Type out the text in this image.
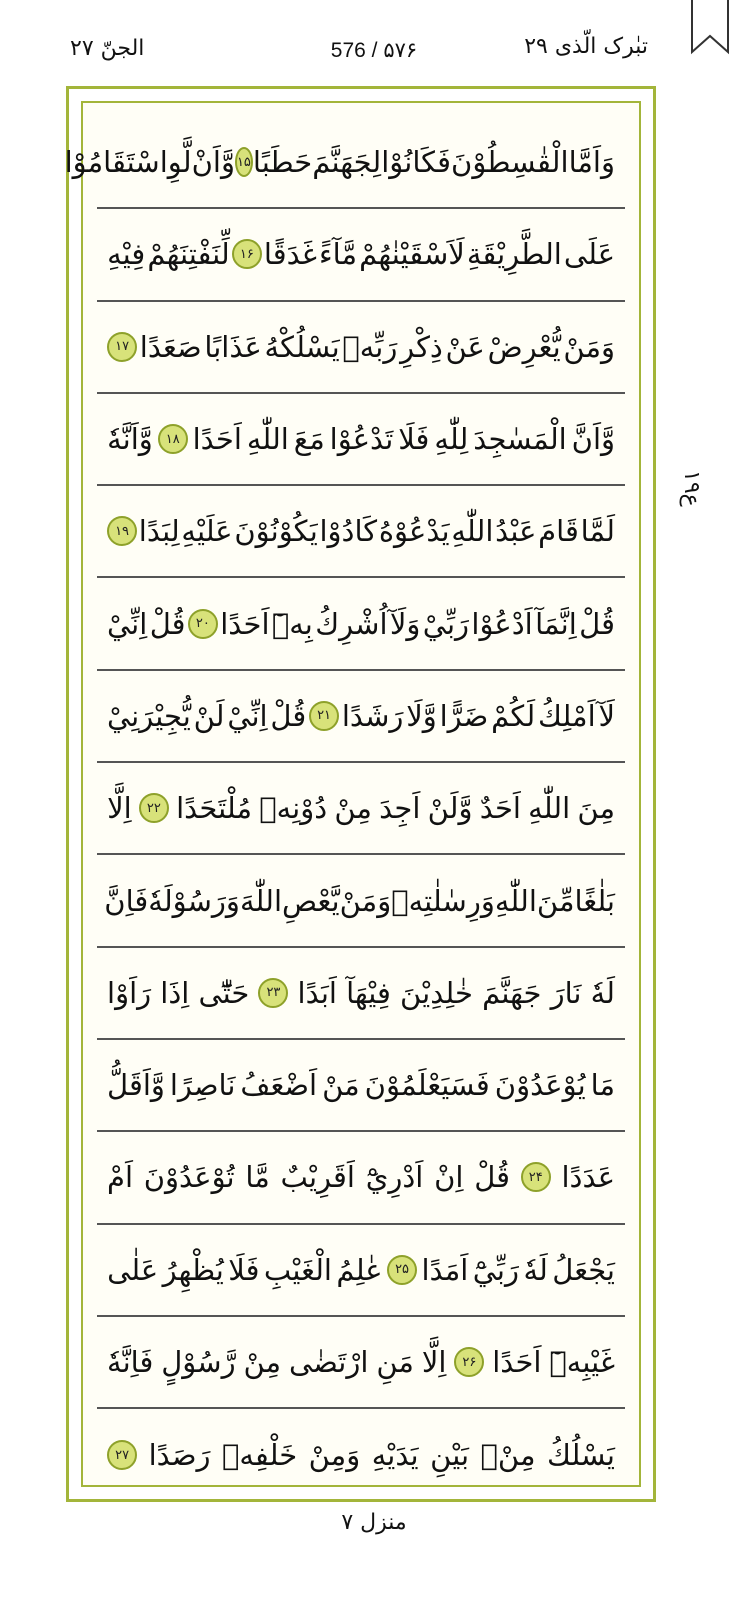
الجنّ ۲۷	576 / ۵۷۶	تبٰرک الّذی ۲۹
وَاَمَّا
الْقٰسِطُوْنَ
فَكَانُوْا
لِجَهَنَّمَ
حَطَبًا
۱۵
وَّاَنْ
لَّوِ
اسْتَقَامُوْا
عَلَى
الطَّرِيْقَةِ
لَاَسْقَيْنٰهُمْ
مَّآءً
غَدَقًا
۱۶
لِّنَفْتِنَهُمْ
فِيْهِ
وَمَنْ
يُّعْرِضْ
عَنْ
ذِكْرِ
رَبِّهٖ
يَسْلُكْهُ
عَذَابًا
صَعَدًا
۱۷
وَّاَنَّ
الْمَسٰجِدَ
لِلّٰهِ
فَلَا
تَدْعُوْا
مَعَ
اللّٰهِ
اَحَدًا
۱۸
وَّاَنَّهٗ
لَمَّا
قَامَ
عَبْدُ
اللّٰهِ
يَدْعُوْهُ
كَادُوْا
يَكُوْنُوْنَ
عَلَيْهِ
لِبَدًا
۱۹
قُلْ
اِنَّمَآ
اَدْعُوْا
رَبِّيْ
وَلَآ
اُشْرِكُ
بِهٖٓ
اَحَدًا
۲۰
قُلْ
اِنِّيْ
لَآ
اَمْلِكُ
لَكُمْ
ضَرًّا
وَّلَا
رَشَدًا
۲۱
قُلْ
اِنِّيْ
لَنْ
يُّجِيْرَنِيْ
مِنَ
اللّٰهِ
اَحَدٌ
وَّلَنْ
اَجِدَ
مِنْ
دُوْنِهٖ
مُلْتَحَدًا
۲۲
اِلَّا
بَلٰغًا
مِّنَ
اللّٰهِ
وَرِسٰلٰتِهٖ
وَمَنْ
يَّعْصِ
اللّٰهَ
وَرَسُوْلَهٗ
فَاِنَّ
لَهٗ
نَارَ
جَهَنَّمَ
خٰلِدِيْنَ
فِيْهَآ
اَبَدًا
۲۳
حَتّٰٓى
اِذَا
رَاَوْا
مَا
يُوْعَدُوْنَ
فَسَيَعْلَمُوْنَ
مَنْ
اَضْعَفُ
نَاصِرًا
وَّاَقَلُّ
عَدَدًا
۲۴
قُلْ
اِنْ
اَدْرِيْٓ
اَقَرِيْبٌ
مَّا
تُوْعَدُوْنَ
اَمْ
يَجْعَلُ
لَهٗ
رَبِّيْٓ
اَمَدًا
۲۵
عٰلِمُ
الْغَيْبِ
فَلَا
يُظْهِرُ
عَلٰى
غَيْبِهٖٓ
اَحَدًا
۲۶
اِلَّا
مَنِ
ارْتَضٰى
مِنْ
رَّسُوْلٍ
فَاِنَّهٗ
يَسْلُكُ
مِنْۢ
بَيْنِ
يَدَيْهِ
وَمِنْ
خَلْفِهٖ
رَصَدًا
۲۷
ع۱۹
منزل ۷
